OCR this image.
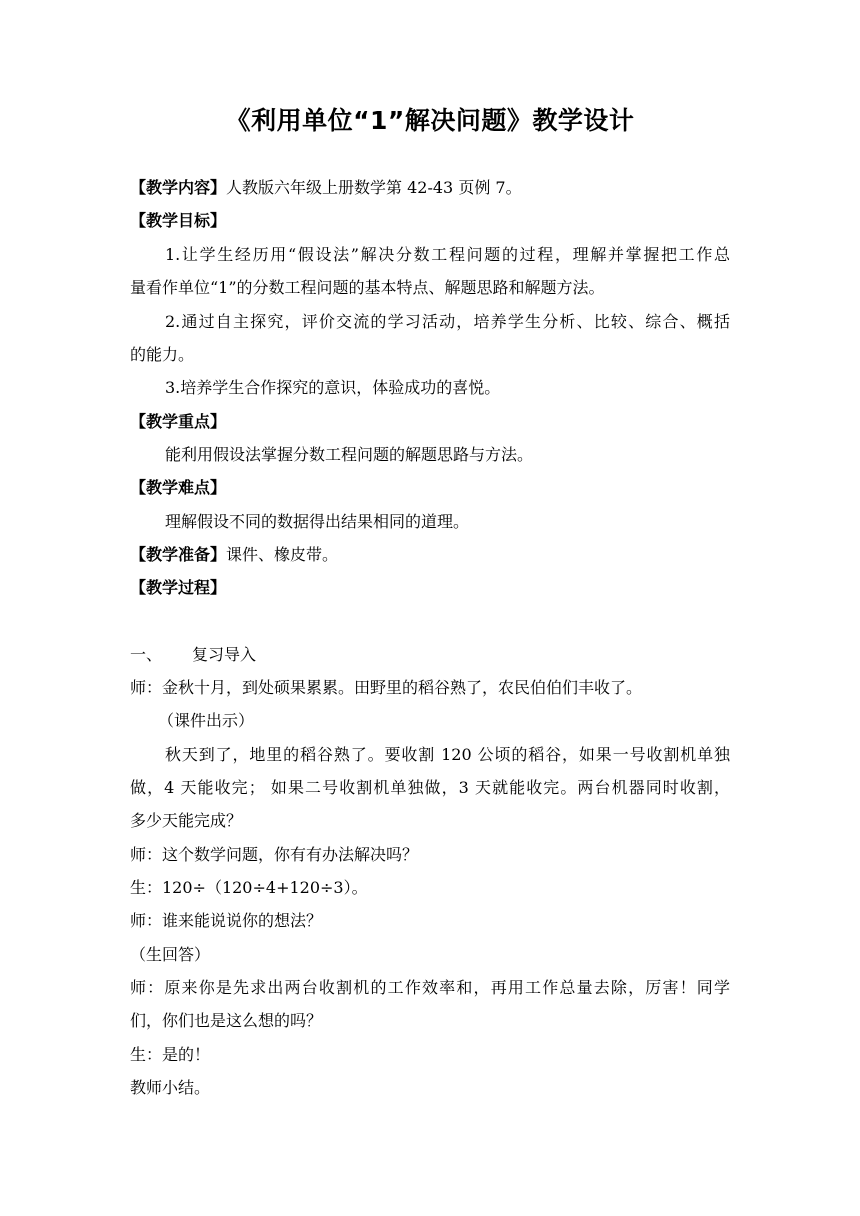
《利用单位“1”解决问题》教学设计
【教学内容】人教版六年级上册数学第 42-43 页例 7。
【教学目标】
1.让学生经历用“假设法”解决分数工程问题的过程，理解并掌握把工作总
量看作单位“1”的分数工程问题的基本特点、解题思路和解题方法。
2.通过自主探究，评价交流的学习活动，培养学生分析、比较、综合、概括
的能力。
3.培养学生合作探究的意识，体验成功的喜悦。
【教学重点】
能利用假设法掌握分数工程问题的解题思路与方法。
【教学难点】
理解假设不同的数据得出结果相同的道理。
【教学准备】课件、橡皮带。
【教学过程】
一、 复习导入
师：金秋十月，到处硕果累累。田野里的稻谷熟了，农民伯伯们丰收了。
（课件出示）
秋天到了，地里的稻谷熟了。要收割 120 公顷的稻谷，如果一号收割机单独
做，4 天能收完； 如果二号收割机单独做，3 天就能收完。两台机器同时收割，
多少天能完成？
师：这个数学问题，你有有办法解决吗？
生：120÷（120÷4+120÷3）。
师：谁来能说说你的想法？
（生回答）
师：原来你是先求出两台收割机的工作效率和，再用工作总量去除，厉害！同学
们，你们也是这么想的吗？
生：是的！
教师小结。
